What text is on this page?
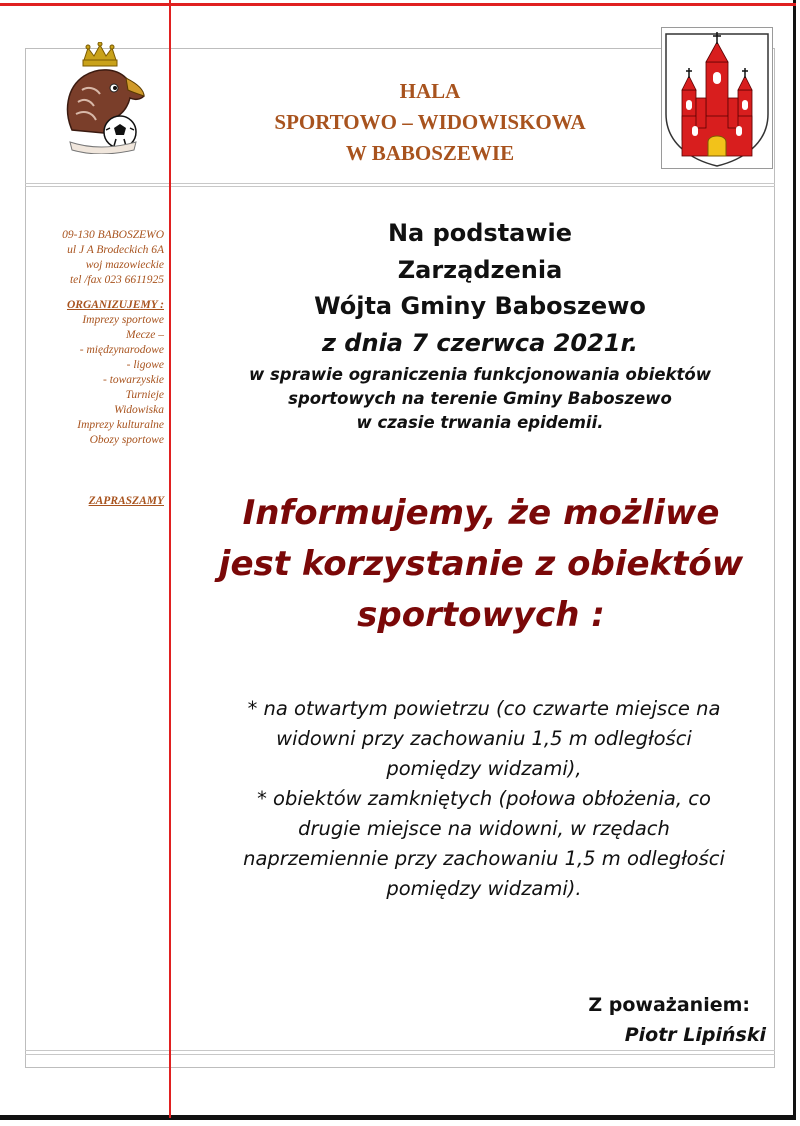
HALA
SPORTOWO – WIDOWISKOWA
W BABOSZEWIE
09-130 BABOSZEWO
ul J A Brodeckich 6A
woj mazowieckie
tel /fax 023 6611925
ORGANIZUJEMY :
Imprezy sportowe
Mecze –
- międzynarodowe
- ligowe
- towarzyskie
Turnieje
Widowiska
Imprezy kulturalne
Obozy sportowe
ZAPRASZAMY
Na podstawie
Zarządzenia
Wójta Gminy Baboszewo
z dnia 7 czerwca 2021r.
w sprawie ograniczenia funkcjonowania obiektów
sportowych na terenie Gminy Baboszewo
w czasie trwania epidemii.
Informujemy, że możliwe
jest korzystanie z obiektów
sportowych :
* na otwartym powietrzu (co czwarte miejsce na
widowni przy zachowaniu 1,5 m odległości
pomiędzy widzami),
* obiektów zamkniętych (połowa obłożenia, co
drugie miejsce na widowni, w rzędach
naprzemiennie przy zachowaniu 1,5 m odległości
pomiędzy widzami).
Z poważaniem:
Piotr Lipiński
